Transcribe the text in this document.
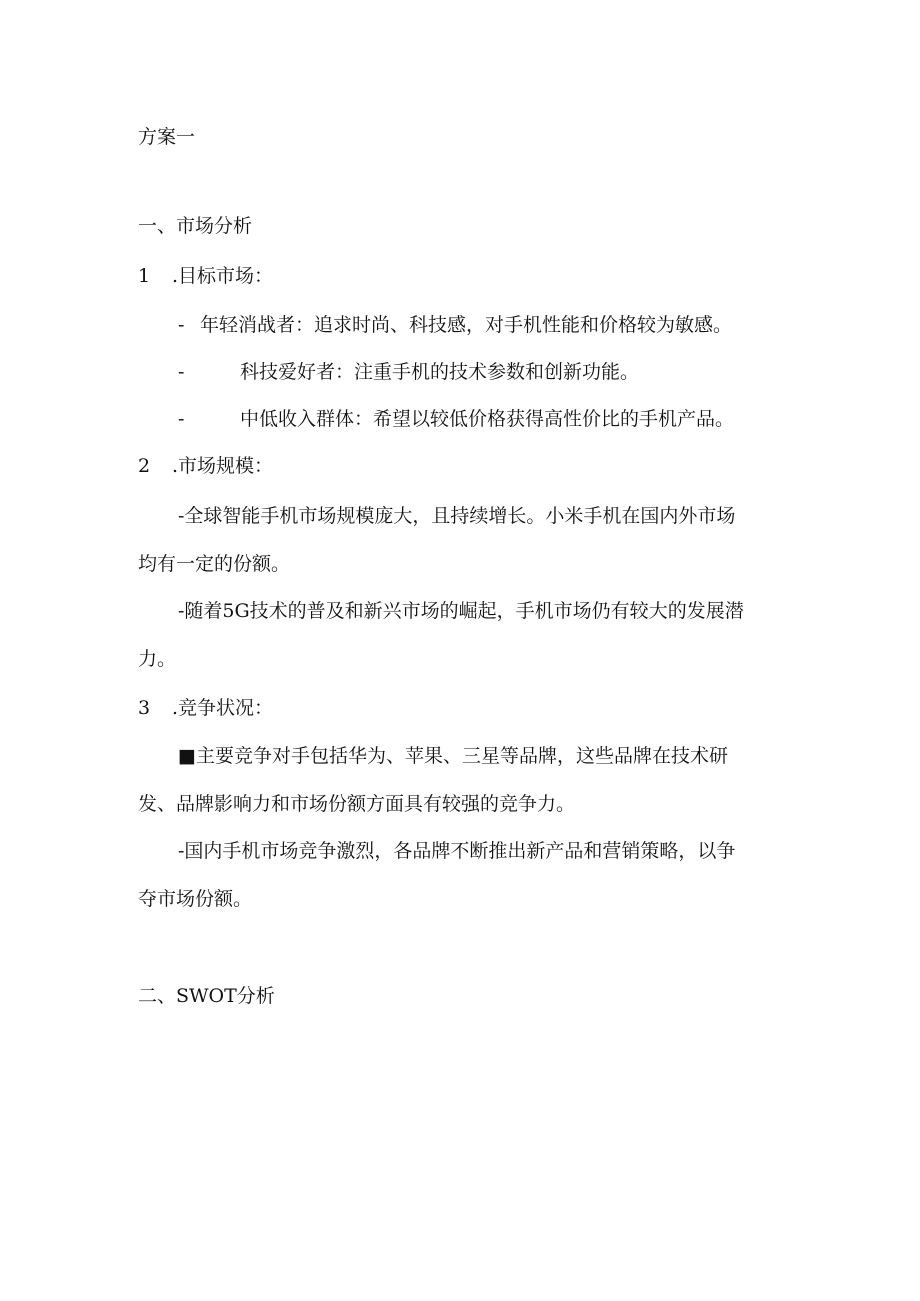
方案一

一、市场分析

1 .目标市场：

- 年轻消战者：追求时尚、科技感，对手机性能和价格较为敏感。

-	科技爱好者：注重手机的技术参数和创新功能。

-	中低收入群体：希望以较低价格获得高性价比的手机产品。

2 .市场规模：

-全球智能手机市场规模庞大，且持续增长。小米手机在国内外市场

均有一定的份额。

-随着5G技术的普及和新兴市场的崛起，手机市场仍有较大的发展潜

力。

3 .竞争状况：

■主要竞争对手包括华为、苹果、三星等品牌，这些品牌在技术研

发、品牌影响力和市场份额方面具有较强的竞争力。

-国内手机市场竞争激烈，各品牌不断推出新产品和营销策略，以争

夺市场份额。

二、SWOT分析
